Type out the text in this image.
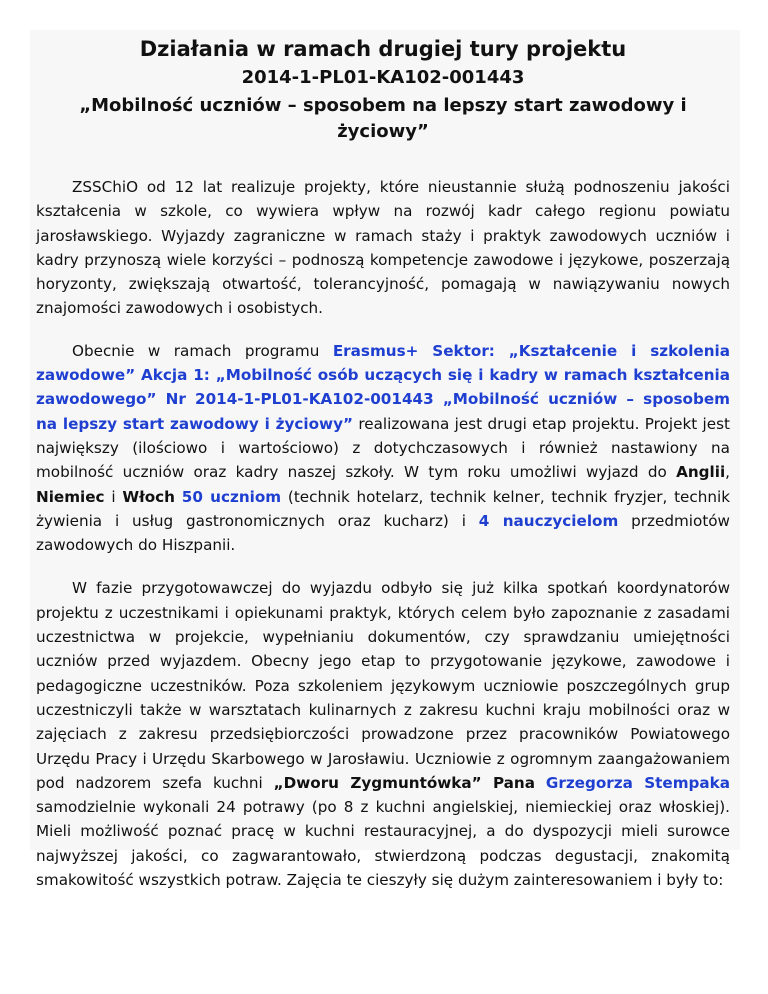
Działania w ramach drugiej tury projektu
2014-1-PL01-KA102-001443
„Mobilność uczniów – sposobem na lepszy start zawodowy i życiowy”

ZSSChiO od 12 lat realizuje projekty, które nieustannie służą podnoszeniu jakości kształcenia w szkole, co wywiera wpływ na rozwój kadr całego regionu powiatu jarosławskiego. Wyjazdy zagraniczne w ramach staży i praktyk zawodowych uczniów i kadry przynoszą wiele korzyści – podnoszą kompetencje zawodowe i językowe, poszerzają horyzonty, zwiększają otwartość, tolerancyjność, pomagają w nawiązywaniu nowych znajomości zawodowych i osobistych.

Obecnie w ramach programu Erasmus+ Sektor: „Kształcenie i szkolenia zawodowe” Akcja 1: „Mobilność osób uczących się i kadry w ramach kształcenia zawodowego” Nr 2014-1-PL01-KA102-001443 „Mobilność uczniów – sposobem na lepszy start zawodowy i życiowy” realizowana jest drugi etap projektu. Projekt jest największy (ilościowo i wartościowo) z dotychczasowych i również nastawiony na mobilność uczniów oraz kadry naszej szkoły. W tym roku umożliwi wyjazd do Anglii, Niemiec i Włoch 50 uczniom (technik hotelarz, technik kelner, technik fryzjer, technik żywienia i usług gastronomicznych oraz kucharz) i 4 nauczycielom przedmiotów zawodowych do Hiszpanii.

W fazie przygotowawczej do wyjazdu odbyło się już kilka spotkań koordynatorów projektu z uczestnikami i opiekunami praktyk, których celem było zapoznanie z zasadami uczestnictwa w projekcie, wypełnianiu dokumentów, czy sprawdzaniu umiejętności uczniów przed wyjazdem. Obecny jego etap to przygotowanie językowe, zawodowe i pedagogiczne uczestników. Poza szkoleniem językowym uczniowie poszczególnych grup uczestniczyli także w warsztatach kulinarnych z zakresu kuchni kraju mobilności oraz w zajęciach z zakresu przedsiębiorczości prowadzone przez pracowników Powiatowego Urzędu Pracy i Urzędu Skarbowego w Jarosławiu. Uczniowie z ogromnym zaangażowaniem pod nadzorem szefa kuchni „Dworu Zygmuntówka” Pana Grzegorza Stempaka samodzielnie wykonali 24 potrawy (po 8 z kuchni angielskiej, niemieckiej oraz włoskiej). Mieli możliwość poznać pracę w kuchni restauracyjnej, a do dyspozycji mieli surowce najwyższej jakości, co zagwarantowało, stwierdzoną podczas degustacji, znakomitą smakowitość wszystkich potraw. Zajęcia te cieszyły się dużym zainteresowaniem i były to:
